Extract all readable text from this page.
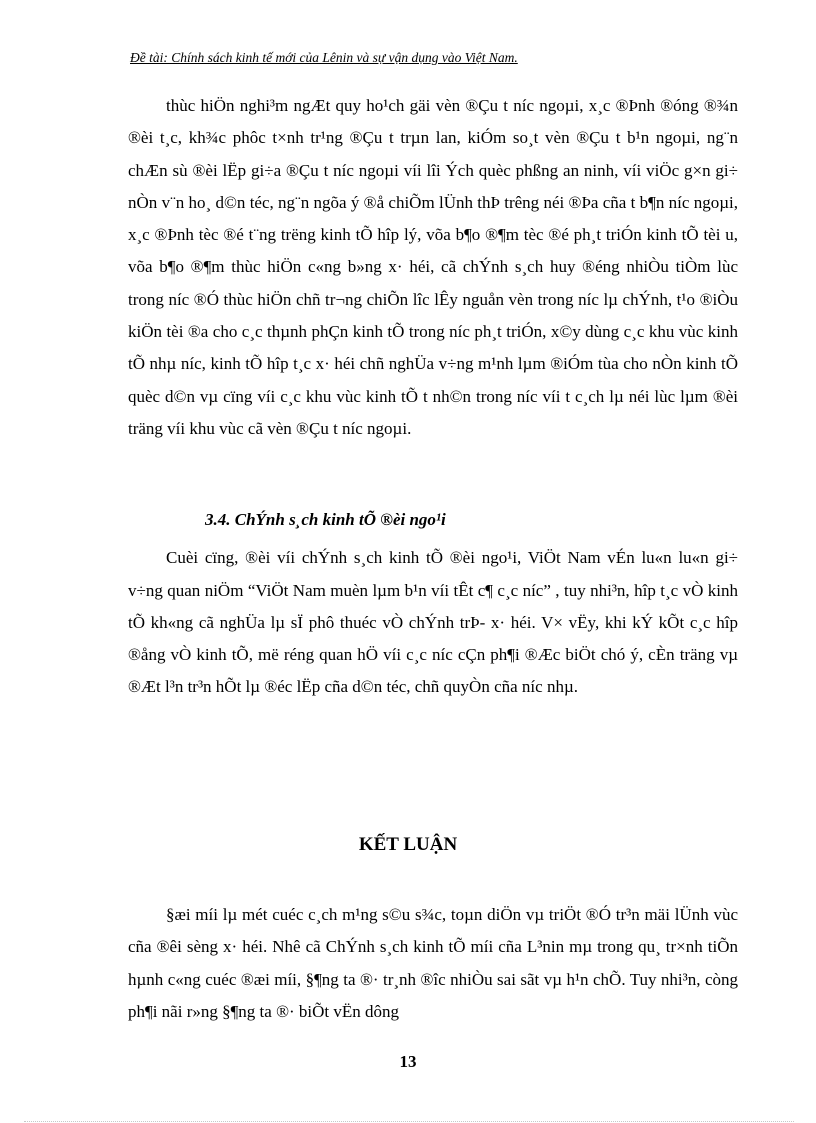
Đề tài: Chính sách kinh tế mới của Lênin và sự vận dụng vào Việt Nam.

thùc hiÖn nghi³m ngÆt quy ho¹ch gäi vèn ®Çu t níc ngoµi, x¸c ®Þnh ®óng ®¾n ®èi t¸c, kh¾c phôc t×nh tr¹ng ®Çu t trµn lan, kiÓm so¸t vèn ®Çu t b¹n ngoµi, ng¨n chÆn sù ®èi lËp gi÷a ®Çu t níc ngoµi víi lîi Ých quèc phßng an ninh, víi viÖc g×n gi÷ nÒn v¨n ho¸ d©n téc, ng¨n ngõa ý ®å chiÕm lÜnh thÞ trêng néi ®Þa cña t b¶n níc ngoµi, x¸c ®Þnh tèc ®é t¨ng trëng kinh tÕ hîp lý, võa b¶o ®¶m tèc ®é ph¸t triÓn kinh tÕ tèi u, võa b¶o ®¶m thùc hiÖn c«ng b»ng x· héi, cã chÝnh s¸ch huy ®éng nhiÒu tiÒm lùc trong níc ®Ó thùc hiÖn chñ tr¬ng chiÕn lîc lÊy nguån vèn trong níc lµ chÝnh, t¹o ®iÒu kiÖn tèi ®a cho c¸c thµnh phÇn kinh tÕ trong níc ph¸t triÓn, x©y dùng c¸c khu vùc kinh tÕ nhµ níc, kinh tÕ hîp t¸c x· héi chñ nghÜa v÷ng m¹nh lµm ®iÓm tùa cho nÒn kinh tÕ quèc d©n vµ cïng víi c¸c khu vùc kinh tÕ t nh©n trong níc víi t c¸ch lµ néi lùc lµm ®èi träng víi khu vùc cã vèn ®Çu t níc ngoµi.

3.4. ChÝnh s¸ch kinh tÕ ®èi ngo¹i

Cuèi cïng, ®èi víi chÝnh s¸ch kinh tÕ ®èi ngo¹i, ViÖt Nam vÉn lu«n lu«n gi÷ v÷ng quan niÖm “ViÖt Nam muèn lµm b¹n víi tÊt c¶ c¸c níc” , tuy nhi³n, hîp t¸c vÒ kinh tÕ kh«ng cã nghÜa lµ sÏ phô thuéc vÒ chÝnh trÞ- x· héi. V× vËy, khi kÝ kÕt c¸c hîp ®ång vÒ kinh tÕ, më réng quan hÖ víi c¸c níc cÇn ph¶i ®Æc biÖt chó ý, cÈn träng vµ ®Æt l³n tr³n hÕt lµ ®éc lËp cña d©n téc, chñ quyÒn cña níc nhµ.

KẾT LUẬN

§æi míi lµ mét cuéc c¸ch m¹ng s©u s¾c, toµn diÖn vµ triÖt ®Ó tr³n mäi lÜnh vùc cña ®êi sèng x· héi. Nhê cã ChÝnh s¸ch kinh tÕ míi cña L³nin mµ trong qu¸ tr×nh tiÕn hµnh c«ng cuéc ®æi míi, §¶ng ta ®· tr¸nh ®îc nhiÒu sai sãt vµ h¹n chÕ. Tuy nhi³n, còng ph¶i nãi r»ng §¶ng ta ®· biÕt vËn dông

13
